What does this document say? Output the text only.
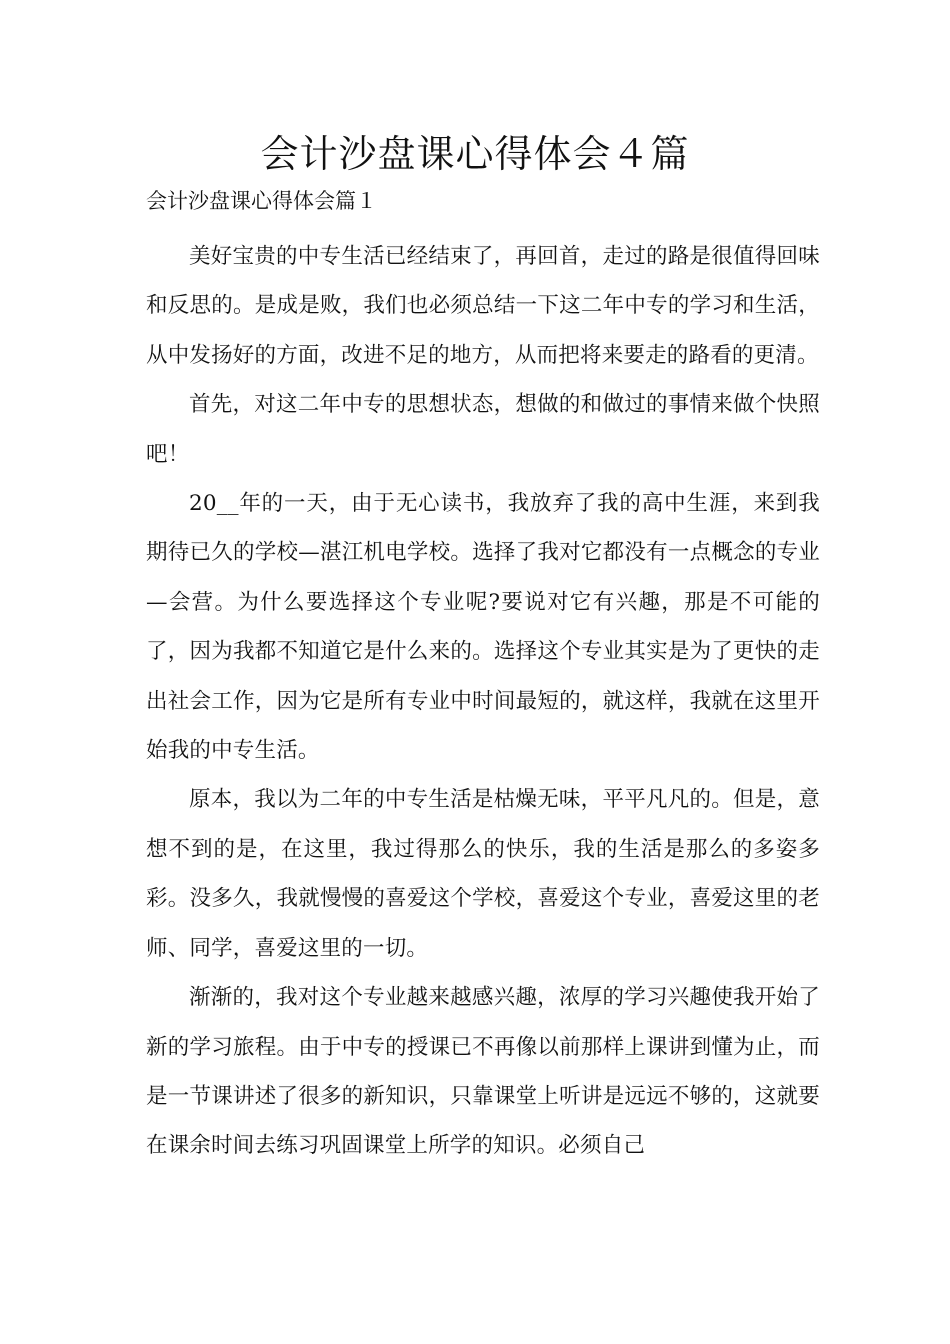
会计沙盘课心得体会４篇
会计沙盘课心得体会篇１

美好宝贵的中专生活已经结束了，再回首，走过的路是很值得回味和反思的。是成是败，我们也必须总结一下这二年中专的学习和生活，从中发扬好的方面，改进不足的地方，从而把将来要走的路看的更清。

首先，对这二年中专的思想状态，想做的和做过的事情来做个快照吧！

20__年的一天，由于无心读书，我放弃了我的高中生涯，来到我期待已久的学校—湛江机电学校。选择了我对它都没有一点概念的专业—会营。为什么要选择这个专业呢?要说对它有兴趣，那是不可能的了，因为我都不知道它是什么来的。选择这个专业其实是为了更快的走出社会工作，因为它是所有专业中时间最短的，就这样，我就在这里开始我的中专生活。

原本，我以为二年的中专生活是枯燥无味，平平凡凡的。但是，意想不到的是，在这里，我过得那么的快乐，我的生活是那么的多姿多彩。没多久，我就慢慢的喜爱这个学校，喜爱这个专业，喜爱这里的老师、同学，喜爱这里的一切。

渐渐的，我对这个专业越来越感兴趣，浓厚的学习兴趣使我开始了新的学习旅程。由于中专的授课已不再像以前那样上课讲到懂为止，而是一节课讲述了很多的新知识，只靠课堂上听讲是远远不够的，这就要在课余时间去练习巩固课堂上所学的知识。必须自己
